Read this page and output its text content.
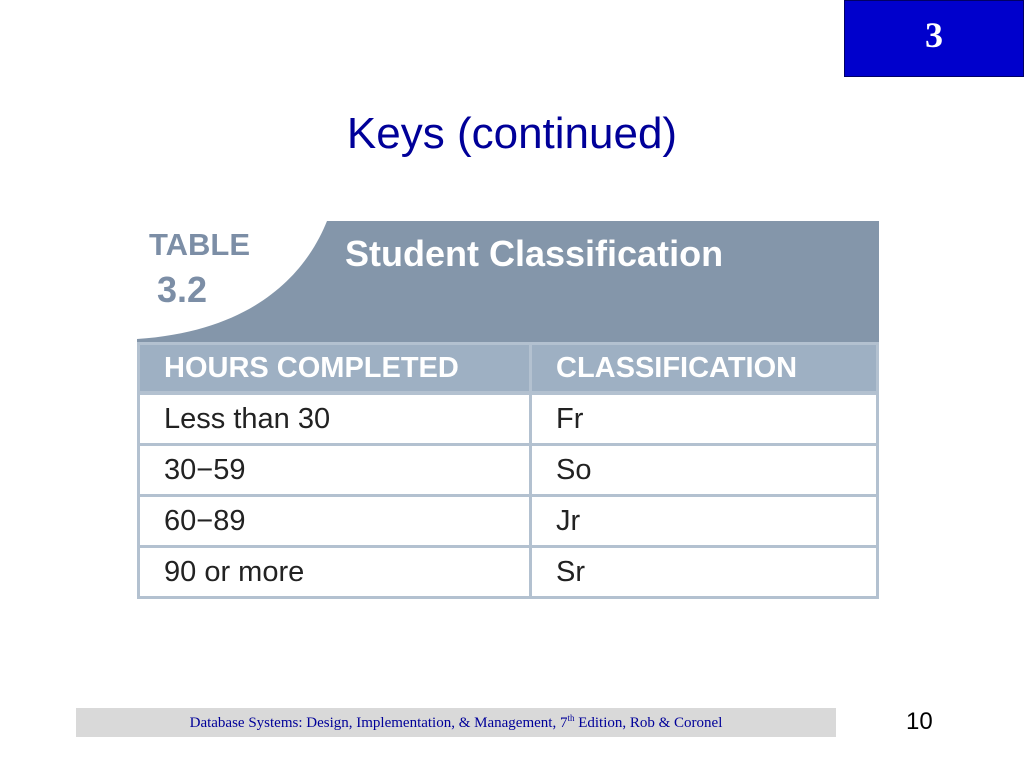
3
Keys (continued)
TABLE
3.2
Student Classification
HOURS COMPLETED	CLASSIFICATION
Less than 30	Fr
30−59	So
60−89	Jr
90 or more	Sr
Database Systems: Design, Implementation, & Management, 7th Edition, Rob & Coronel	10
